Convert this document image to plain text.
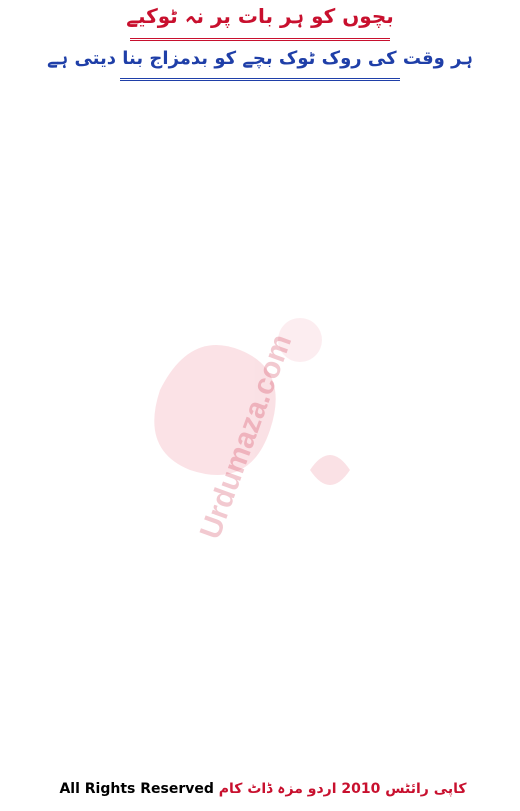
بچوں کو ہر بات پر نہ ٹوکیے
ہر وقت کی روک ٹوک بچے کو بدمزاج بنا دیتی ہے
Urdumaza.com
All Rights Reserved کاپی رائٹس 2010 اردو مزہ ڈاٹ کام
